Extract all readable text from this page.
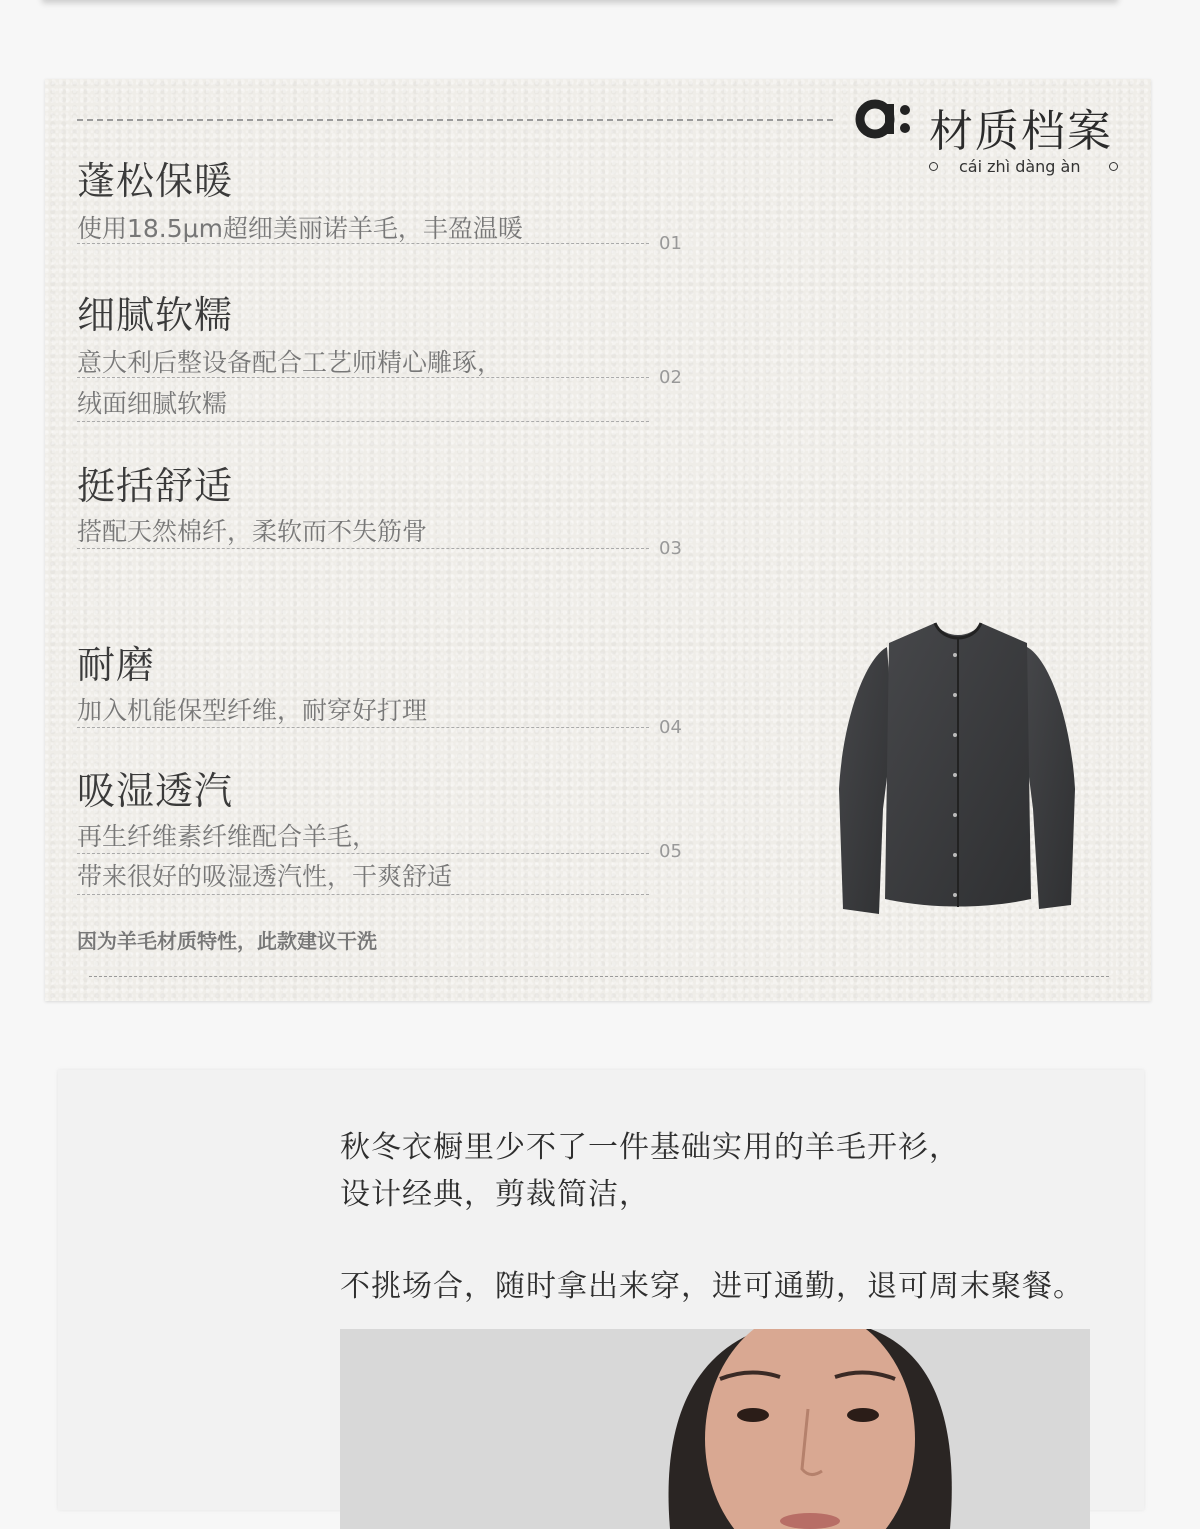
材质档案
cái zhì dàng àn
蓬松保暖
使用18.5μm超细美丽诺羊毛，丰盈温暖
01
细腻软糯
意大利后整设备配合工艺师精心雕琢，
02
绒面细腻软糯
挺括舒适
搭配天然棉纤，柔软而不失筋骨
03
耐磨
加入机能保型纤维，耐穿好打理
04
吸湿透汽
再生纤维素纤维配合羊毛，
05
带来很好的吸湿透汽性，干爽舒适
因为羊毛材质特性，此款建议干洗
秋冬衣橱里少不了一件基础实用的羊毛开衫，
设计经典，剪裁简洁，
不挑场合，随时拿出来穿，进可通勤，退可周末聚餐。
